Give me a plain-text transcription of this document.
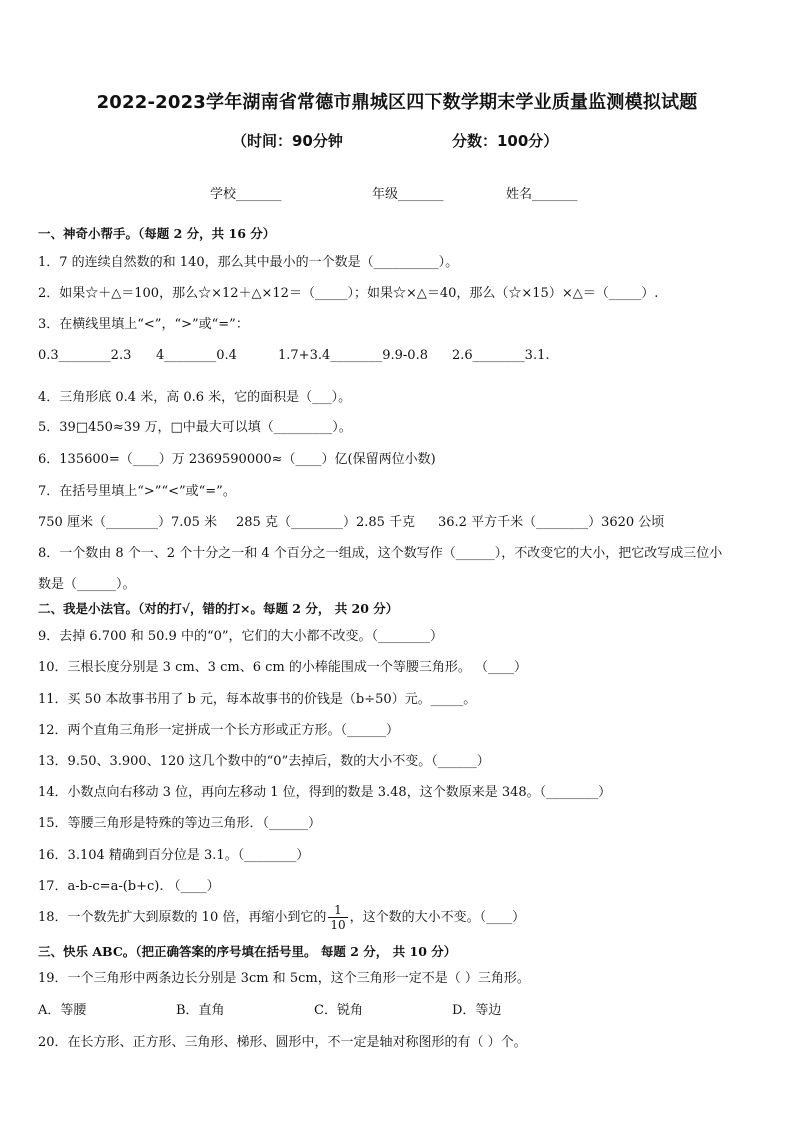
2022-2023学年湖南省常德市鼎城区四下数学期末学业质量监测模拟试题
（时间：90分钟	分数：100分）
学校_______	年级_______	姓名_______
一、神奇小帮手。（每题 2 分，共 16 分）
1．7 的连续自然数的和 140，那么其中最小的一个数是（__________）。
2．如果☆＋△＝100，那么☆×12＋△×12＝（_____）；如果☆×△＝40，那么（☆×15）×△＝（_____）.
3．在横线里填上“<”，“>”或“=”：
0.3________2.3 4________0.4	1.7+3.4________9.9-0.8 2.6________3.1.
4．三角形底 0.4 米，高 0.6 米，它的面积是（___）。
5．39□450≈39 万，□中最大可以填（_________）。
6．135600=（____）万 2369590000≈（____）亿(保留两位小数)
7．在括号里填上“>”“<”或“=”。
750 厘米（________）7.05 米 285 克（________）2.85 千克 36.2 平方千米（________）3620 公顷
8．一个数由 8 个一、2 个十分之一和 4 个百分之一组成，这个数写作（______），不改变它的大小，把它改写成三位小
数是（______）。
二、我是小法官。（对的打√，错的打×。每题 2 分， 共 20 分）
9．去掉 6.700 和 50.9 中的“0”，它们的大小都不改变。（________）
10．三根长度分别是 3 cm、3 cm、6 cm 的小棒能围成一个等腰三角形。 （____）
11．买 50 本故事书用了 b 元，每本故事书的价钱是（b÷50）元。_____。
12．两个直角三角形一定拼成一个长方形或正方形。（______）
13．9.50、3.900、120 这几个数中的“0”去掉后，数的大小不变。（______）
14．小数点向右移动 3 位，再向左移动 1 位，得到的数是 3.48，这个数原来是 348。（________）
15．等腰三角形是特殊的等边三角形．（______）
16．3.104 精确到百分位是 3.1。（________）
17．a-b-c=a-(b+c). （____）
18．一个数先扩大到原数的 10 倍，再缩小到它的 $\frac{1}{10}$ ，这个数的大小不变。（____）
三、快乐 ABC。（把正确答案的序号填在括号里。 每题 2 分， 共 10 分）
19．一个三角形中两条边长分别是 3cm 和 5cm，这个三角形一定不是（ ）三角形。
A．等腰	B．直角	C．锐角	D．等边
20．在长方形、正方形、三角形、梯形、圆形中，不一定是轴对称图形的有（ ）个。
